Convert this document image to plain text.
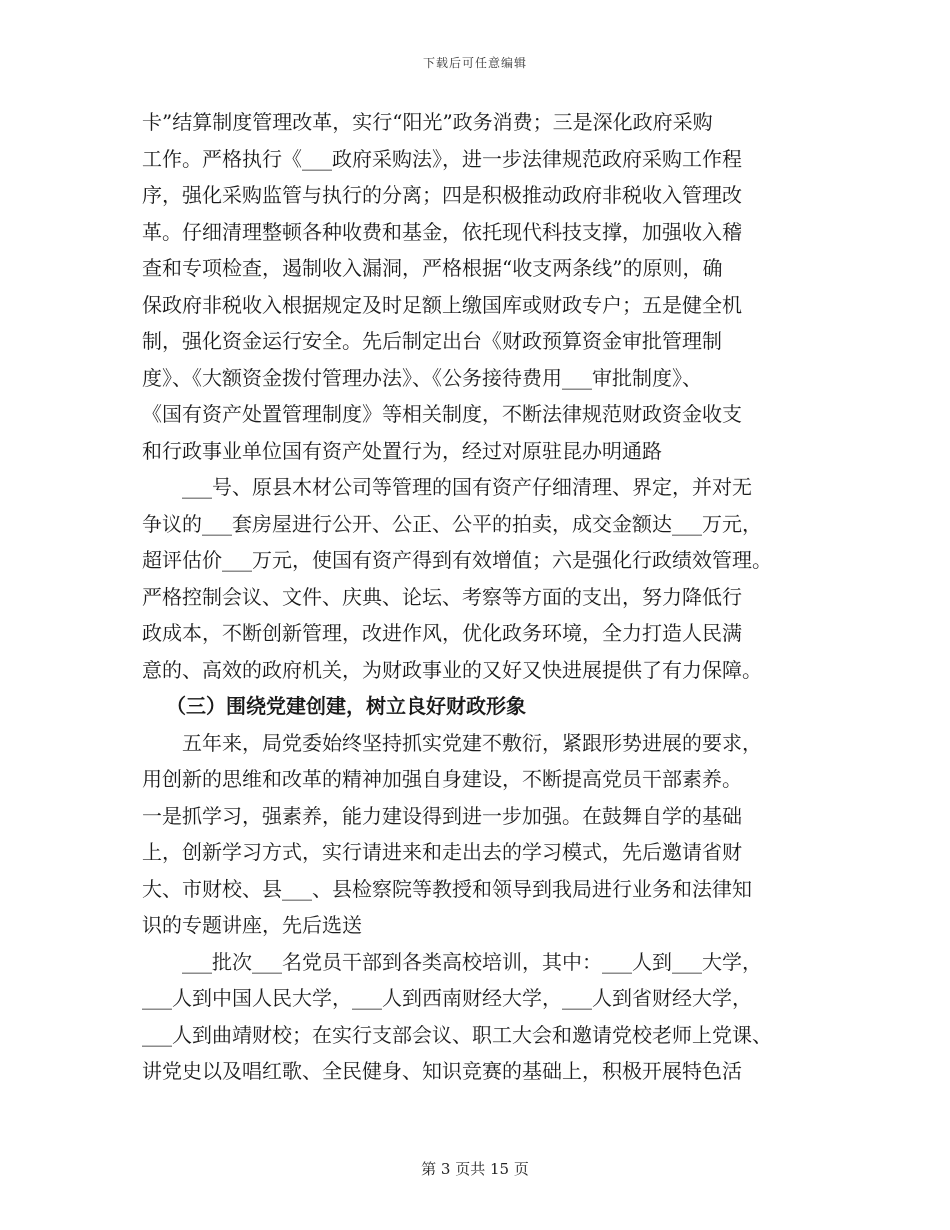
下载后可任意编辑
卡”结算制度管理改革，实行“阳光”政务消费；三是深化政府采购
工作。严格执行《___政府采购法》，进一步法律规范政府采购工作程
序，强化采购监管与执行的分离；四是积极推动政府非税收入管理改
革。仔细清理整顿各种收费和基金，依托现代科技支撑，加强收入稽
查和专项检查，遏制收入漏洞，严格根据“收支两条线”的原则，确
保政府非税收入根据规定及时足额上缴国库或财政专户；五是健全机
制，强化资金运行安全。先后制定出台《财政预算资金审批管理制
度》、《大额资金拨付管理办法》、《公务接待费用___审批制度》、
《国有资产处置管理制度》等相关制度，不断法律规范财政资金收支
和行政事业单位国有资产处置行为，经过对原驻昆办明通路
___号、原县木材公司等管理的国有资产仔细清理、界定，并对无
争议的___套房屋进行公开、公正、公平的拍卖，成交金额达___万元，
超评估价___万元，使国有资产得到有效增值；六是强化行政绩效管理。
严格控制会议、文件、庆典、论坛、考察等方面的支出，努力降低行
政成本，不断创新管理，改进作风，优化政务环境，全力打造人民满
意的、高效的政府机关，为财政事业的又好又快进展提供了有力保障。
（三）围绕党建创建，树立良好财政形象
五年来，局党委始终坚持抓实党建不敷衍，紧跟形势进展的要求，
用创新的思维和改革的精神加强自身建设，不断提高党员干部素养。
一是抓学习，强素养，能力建设得到进一步加强。在鼓舞自学的基础
上，创新学习方式，实行请进来和走出去的学习模式，先后邀请省财
大、市财校、县___、县检察院等教授和领导到我局进行业务和法律知
识的专题讲座，先后选送
___批次___名党员干部到各类高校培训，其中：___人到___大学，
___人到中国人民大学，___人到西南财经大学，___人到省财经大学，
___人到曲靖财校；在实行支部会议、职工大会和邀请党校老师上党课、
讲党史以及唱红歌、全民健身、知识竞赛的基础上，积极开展特色活
第 3 页共 15 页
